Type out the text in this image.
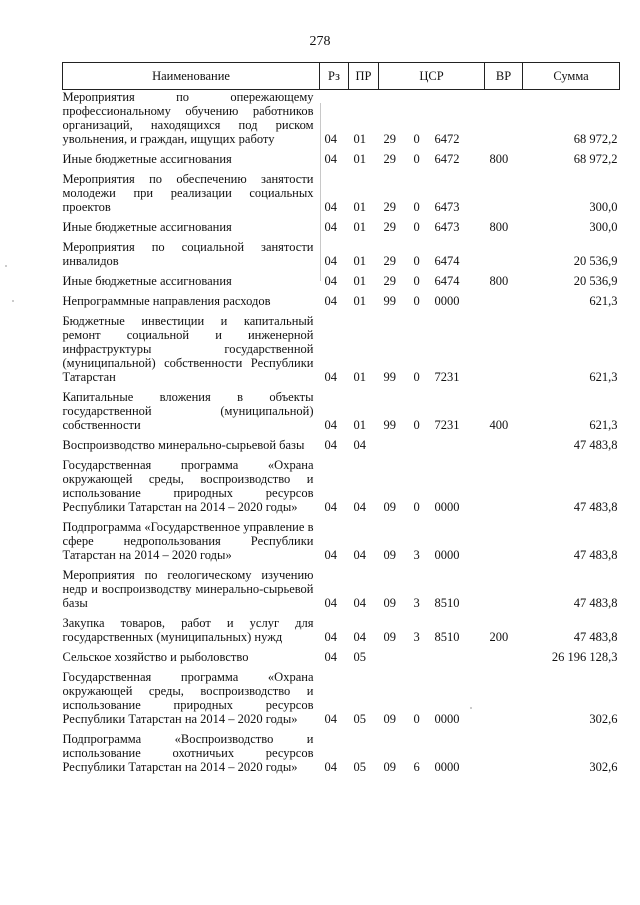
278
Наименование	Рз	ПР	ЦСР			ВР	Сумма
Мероприятия по опережающему профессиональному обучению работников организаций, находящихся под риском увольнения, и граждан, ищущих работу	04	01	29	0	6472		68 972,2
Иные бюджетные ассигнования	04	01	29	0	6472	800	68 972,2
Мероприятия по обеспечению занятости молодежи при реализации социальных проектов	04	01	29	0	6473		300,0
Иные бюджетные ассигнования	04	01	29	0	6473	800	300,0
Мероприятия по социальной занятости инвалидов	04	01	29	0	6474		20 536,9
Иные бюджетные ассигнования	04	01	29	0	6474	800	20 536,9
Непрограммные направления расходов	04	01	99	0	0000		621,3
Бюджетные инвестиции и капитальный ремонт социальной и инженерной инфраструктуры государственной (муниципальной) собственности Республики Татарстан	04	01	99	0	7231		621,3
Капитальные вложения в объекты государственной (муниципальной) собственности	04	01	99	0	7231	400	621,3
Воспроизводство минерально-сырьевой базы	04	04					47 483,8
Государственная программа «Охрана окружающей среды, воспроизводство и использование природных ресурсов Республики Татарстан на 2014 – 2020 годы»	04	04	09	0	0000		47 483,8
Подпрограмма «Государственное управление в сфере недропользования Республики Татарстан на 2014 – 2020 годы»	04	04	09	3	0000		47 483,8
Мероприятия по геологическому изучению недр и воспроизводству минерально-сырьевой базы	04	04	09	3	8510		47 483,8
Закупка товаров, работ и услуг для государственных (муниципальных) нужд	04	04	09	3	8510	200	47 483,8
Сельское хозяйство и рыболовство	04	05					26 196 128,3
Государственная программа «Охрана окружающей среды, воспроизводство и использование природных ресурсов Республики Татарстан на 2014 – 2020 годы»	04	05	09	0	0000		302,6
Подпрограмма «Воспроизводство и использование охотничьих ресурсов Республики Татарстан на 2014 – 2020 годы»	04	05	09	6	0000		302,6
